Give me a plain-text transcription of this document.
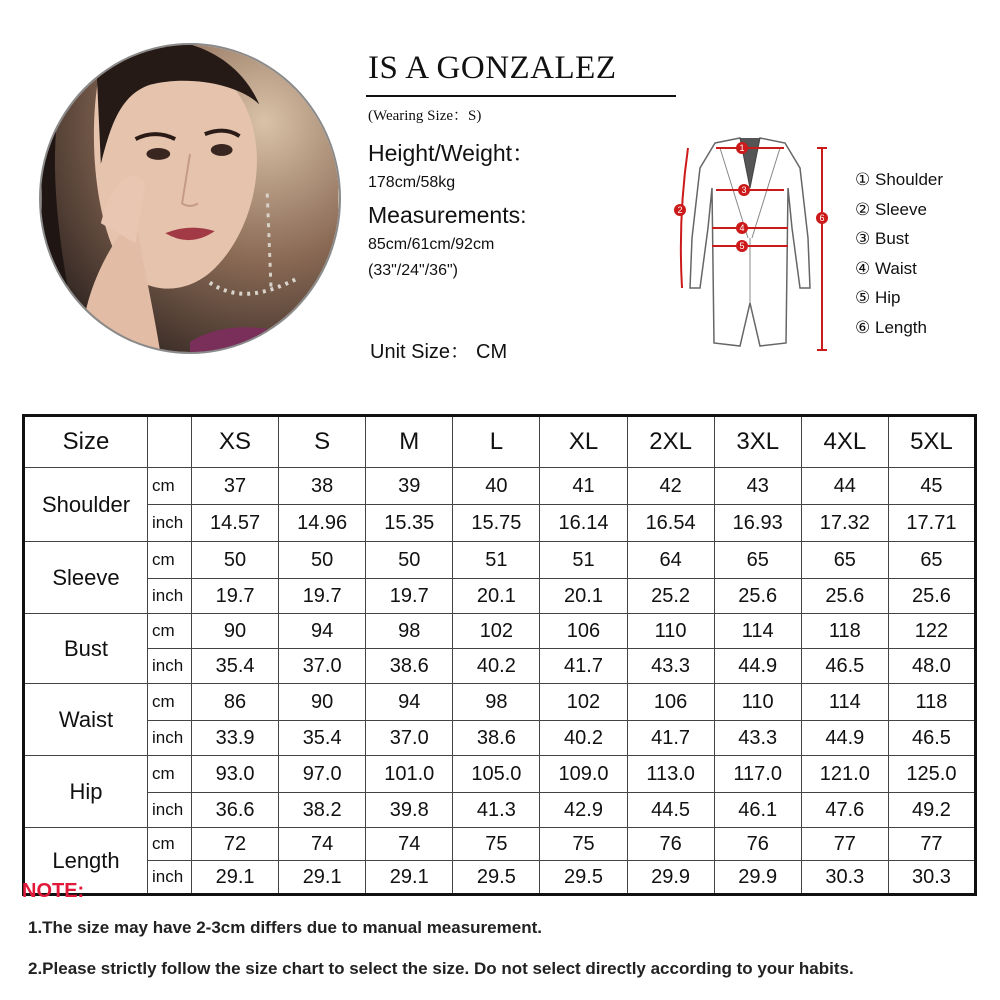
IS A GONZALEZ
(Wearing Size：S)
Height/Weight：
178cm/58kg
Measurements:
85cm/61cm/92cm
(33"/24"/36")
Unit Size： CM
1
2
3
4
5
6
① Shoulder
② Sleeve
③ Bust
④ Waist
⑤ Hip
⑥ Length
Size		XS	S	M	L	XL	2XL	3XL	4XL	5XL
Shoulder	cm	37	38	39	40	41	42	43	44	45
	inch	14.57	14.96	15.35	15.75	16.14	16.54	16.93	17.32	17.71
Sleeve	cm	50	50	50	51	51	64	65	65	65
	inch	19.7	19.7	19.7	20.1	20.1	25.2	25.6	25.6	25.6
Bust	cm	90	94	98	102	106	110	114	118	122
	inch	35.4	37.0	38.6	40.2	41.7	43.3	44.9	46.5	48.0
Waist	cm	86	90	94	98	102	106	110	114	118
	inch	33.9	35.4	37.0	38.6	40.2	41.7	43.3	44.9	46.5
Hip	cm	93.0	97.0	101.0	105.0	109.0	113.0	117.0	121.0	125.0
	inch	36.6	38.2	39.8	41.3	42.9	44.5	46.1	47.6	49.2
Length	cm	72	74	74	75	75	76	76	77	77
	inch	29.1	29.1	29.1	29.5	29.5	29.9	29.9	30.3	30.3
NOTE:
1.The size may have 2-3cm differs due to manual measurement.
2.Please strictly follow the size chart to select the size. Do not select directly according to your habits.
